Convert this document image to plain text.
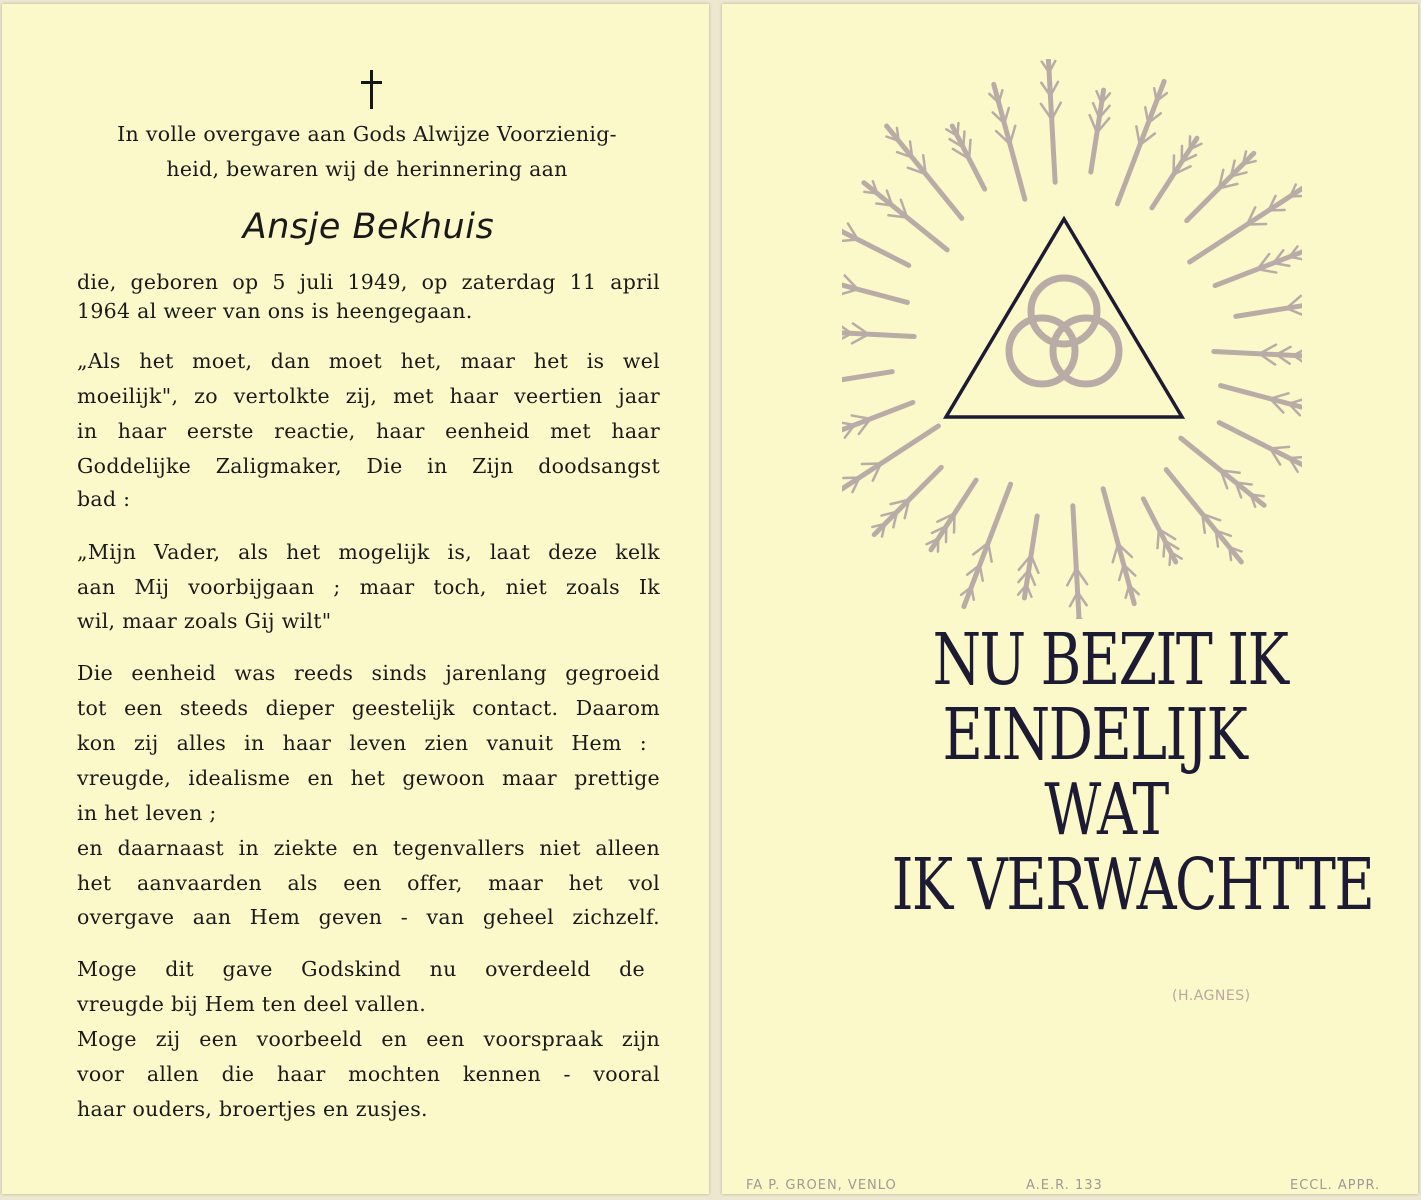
In volle overgave aan Gods Alwijze Voorzienig-
heid, bewaren wij de herinnering aan
Ansje Bekhuis
die, geboren op 5 juli 1949, op zaterdag 11 april
1964 al weer van ons is heengegaan.
„Als het moet, dan moet het, maar het is wel
moeilijk", zo vertolkte zij, met haar veertien jaar
in haar eerste reactie, haar eenheid met haar
Goddelijke Zaligmaker, Die in Zijn doodsangst
bad :
„Mijn Vader, als het mogelijk is, laat deze kelk
aan Mij voorbijgaan ; maar toch, niet zoals Ik
wil, maar zoals Gij wilt"
Die eenheid was reeds sinds jarenlang gegroeid
tot een steeds dieper geestelijk contact. Daarom
kon zij alles in haar leven zien vanuit Hem :
vreugde, idealisme en het gewoon maar prettige
in het leven ;
en daarnaast in ziekte en tegenvallers niet alleen
het aanvaarden als een offer, maar het vol
overgave aan Hem geven - van geheel zichzelf.
Moge dit gave Godskind nu overdeeld de
vreugde bij Hem ten deel vallen.
Moge zij een voorbeeld en een voorspraak zijn
voor allen die haar mochten kennen - vooral
haar ouders, broertjes en zusjes.
NU BEZIT IK
EINDELIJK
WAT
IK VERWACHTTE
(H.AGNES)
FA P. GROEN, VENLO	A.E.R. 133	ECCL. APPR.
